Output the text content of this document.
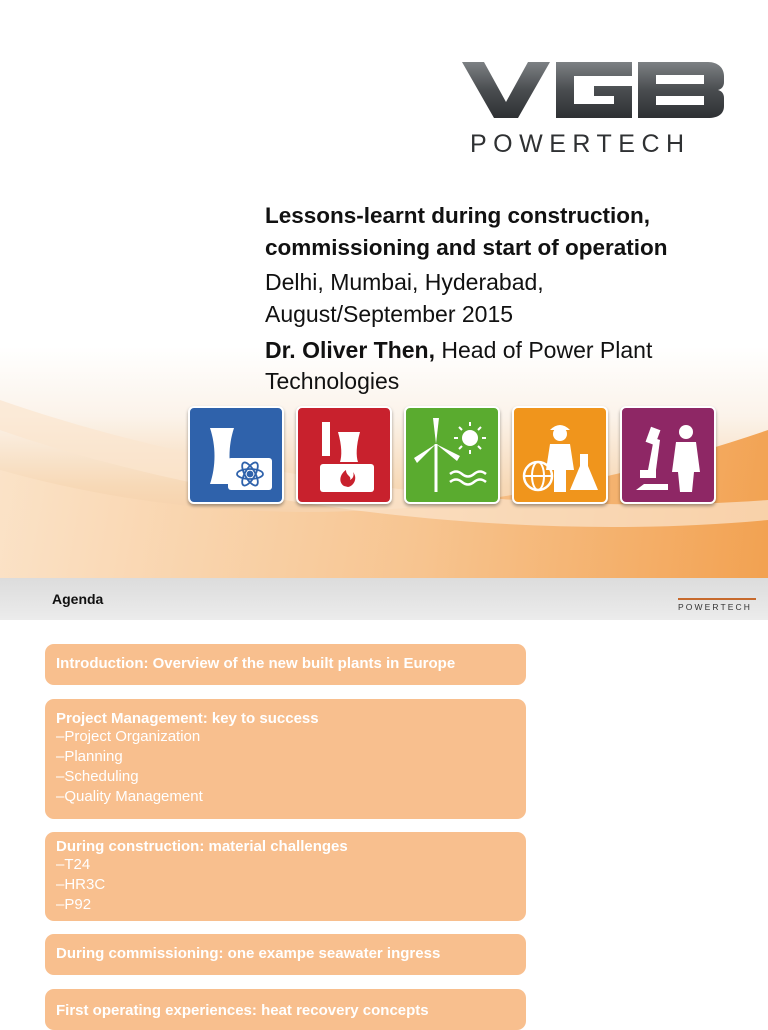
POWERTECH
Lessons-learnt during construction,
commissioning and start of operation
Delhi, Mumbai, Hyderabad,
August/September 2015
Dr. Oliver Then, Head of Power Plant Technologies
Agenda	POWERTECH
Introduction: Overview of the new built plants in Europe
Project Management: key to success
–Project Organization
–Planning
–Scheduling
–Quality Management
During construction: material challenges
–T24
–HR3C
–P92
During commissioning: one exampe seawater ingress
First operating experiences: heat recovery concepts
